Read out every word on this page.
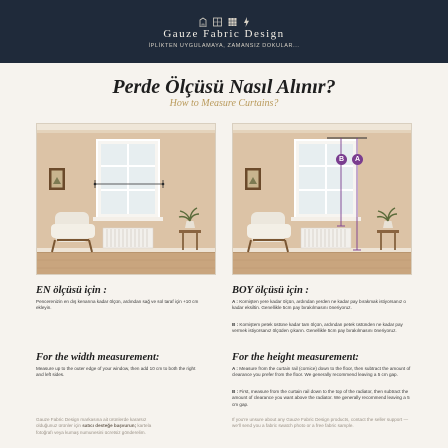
Gauze Fabric Design
İPLİKTEN UYGULAMAYA, ZAMANSIZ DOKULAR...
Perde Ölçüsü Nasıl Alınır?
How to Measure Curtains?
B	A
EN ölçüsü için :
Pencerenizin en dış kenarına kadar ölçün, ardından sağ ve sol taraf için +10 cm ekleyin.
For the width measurement:
Measure up to the outer edge of your window, then add 10 cm to both the right and left sides.
BOY ölçüsü için :
A : Kornişten yere kadar ölçün, ardından yerden ne kadar pay bırakmak istiyorsanız o kadar eksiltin. Genellikle 5cm pay bırakılmasını öneriyoruz.
B : Korniştem petek üstüne kadar tam ölçün, ardından petek üstünden ne kadar pay vermek istiyorsanız ölçüden çıkarın. Genellikle 5cm pay bırakılmasını öneriyoruz.
For the height measurement:
A : Measure from the curtain rail (cornice) down to the floor, then subtract the amount of clearance you prefer from the floor. We generally recommend leaving a 5 cm gap.
B : First, measure from the curtain rail down to the top of the radiator, then subtract the amount of clearance you want above the radiator. We generally recommend leaving a 5 cm gap.
Gauze Fabric Design markasına ait ürünlerde kararsız
olduğunuz ürünler için satıcı desteğe başvurun; kartela
fotoğrafı veya kumaş numunesini ücretsiz gönderelim.
If you're unsure about any Gauze Fabric Design products, contact the seller support — we'll send you a fabric swatch photo or a free fabric sample.
